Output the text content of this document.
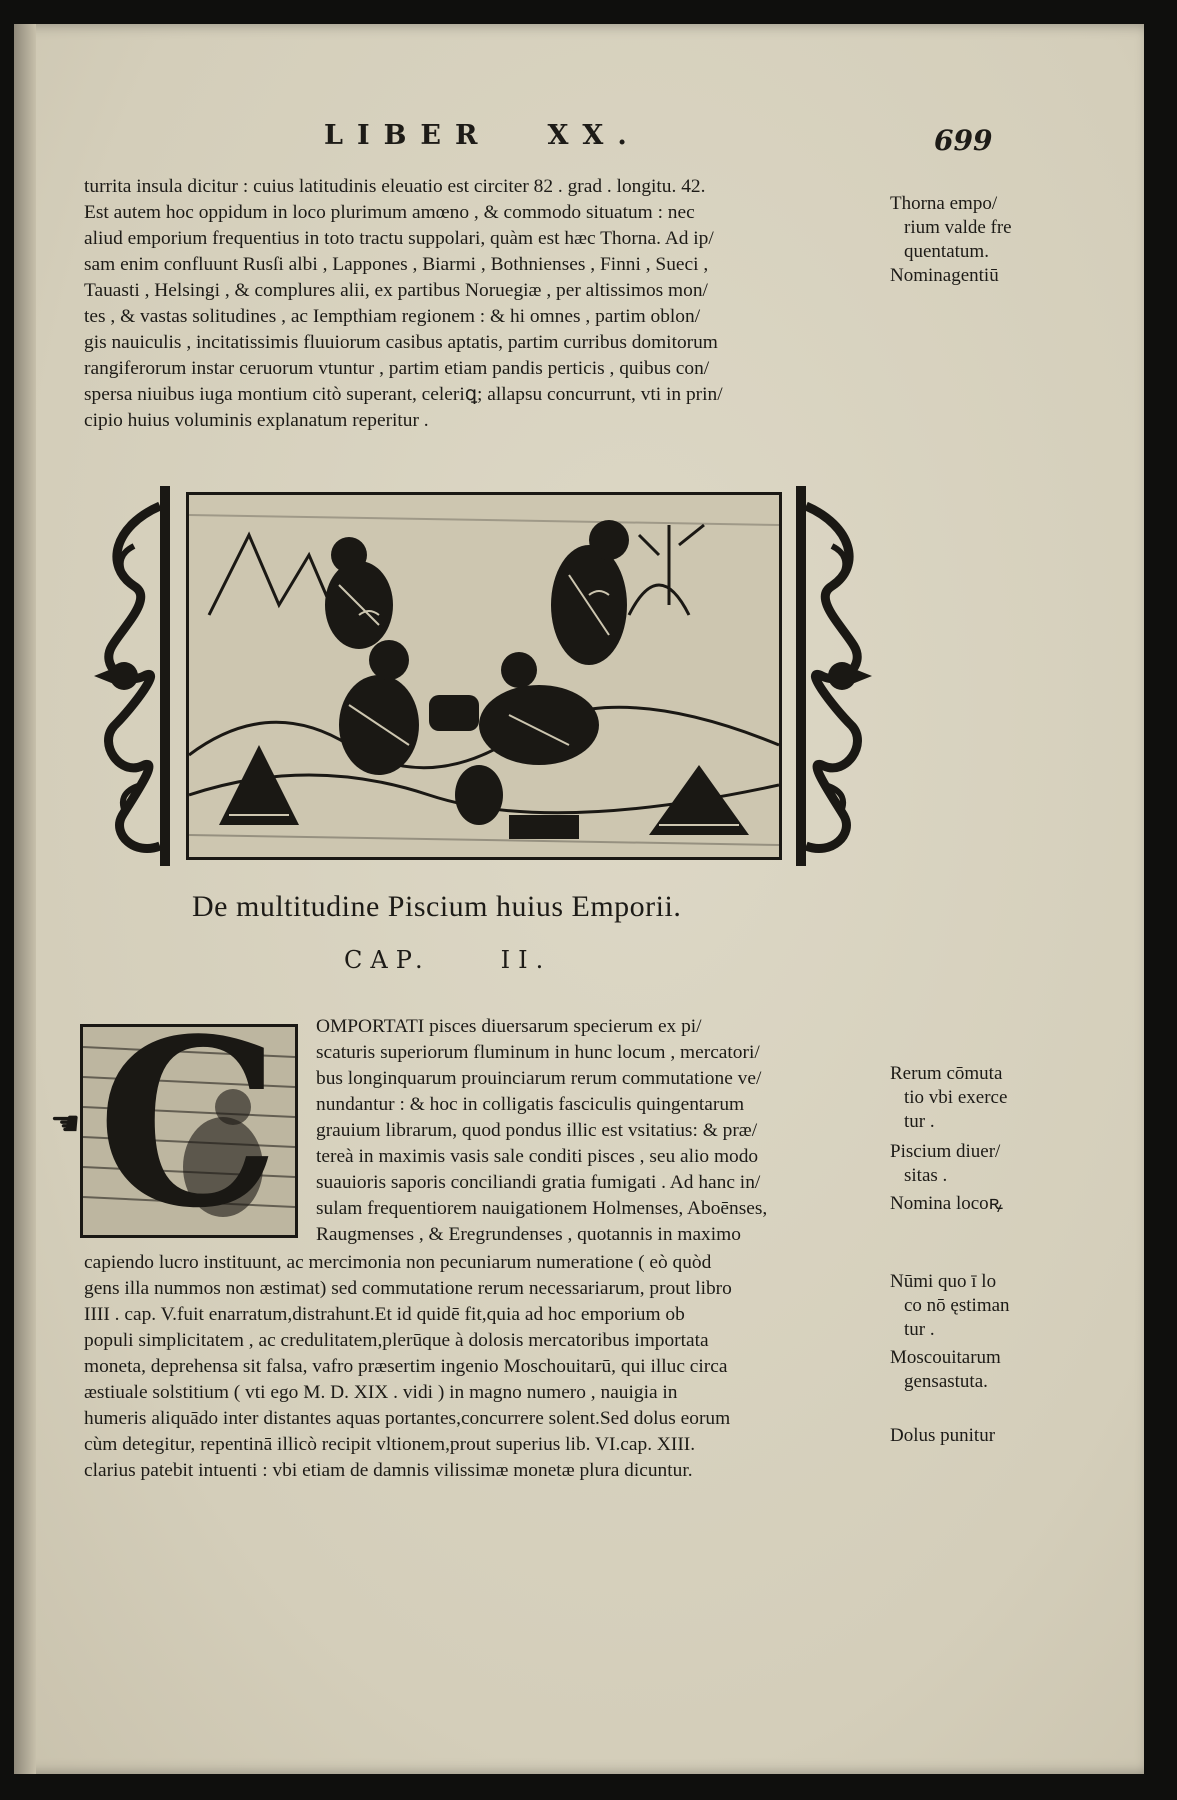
LIBER XX.	699
turrita insula dicitur : cuius latitudinis eleuatio est circiter 82 . grad . longitu. 42.
Est autem hoc oppidum in loco plurimum amœno , & commodo situatum : nec
aliud emporium frequentius in toto tractu suppolari, quàm est hæc Thorna. Ad ip/
sam enim confluunt Rusſi albi , Lappones , Biarmi , Bothnienses , Finni , Sueci ,
Tauasti , Helsingi , & complures alii, ex partibus Noruegiæ , per altissimos mon/
tes , & vastas solitudines , ac Iempthiam regionem : & hi omnes , partim oblon/
gis nauiculis , incitatissimis fluuiorum casibus aptatis, partim curribus domitorum
rangiferorum instar ceruorum vtuntur , partim etiam pandis perticis , quibus con/
spersa niuibus iuga montium citò superant, celeriꝗ; allapsu concurrunt, vti in prin/
cipio huius voluminis explanatum reperitur .
Thorna empo/
rium valde fre
quentatum.
Nominagentiū
De multitudine Piscium huius Emporii.
CAP.	II.
☚ C OMPORTATI pisces diuersarum specierum ex pi/
scaturis superiorum fluminum in hunc locum , mercatori/
bus longinquarum prouinciarum rerum commutatione ve/
nundantur : & hoc in colligatis fasciculis quingentarum
grauium librarum, quod pondus illic est vsitatius: & præ/
tereà in maximis vasis sale conditi pisces , seu alio modo
suauioris saporis conciliandi gratia fumigati . Ad hanc in/
sulam frequentiorem nauigationem Holmenses, Aboēnses,
Raugmenses , & Eregrundenses , quotannis in maximo
capiendo lucro instituunt, ac mercimonia non pecuniarum numeratione ( eò quòd
gens illa nummos non æstimat) sed commutatione rerum necessariarum, prout libro
IIII . cap. V.fuit enarratum,distrahunt.Et id quidē fit,quia ad hoc emporium ob
populi simplicitatem , ac credulitatem,plerūque à dolosis mercatoribus importata
moneta, deprehensa sit falsa, vafro præsertim ingenio Moschouitarū, qui illuc circa
æstiuale solstitium ( vti ego M. D. XIX . vidi ) in magno numero , nauigia in
humeris aliquādo inter distantes aquas portantes,concurrere solent.Sed dolus eorum
cùm detegitur, repentinā illicò recipit vltionem,prout superius lib. VI.cap. XIII.
clarius patebit intuenti : vbi etiam de damnis vilissimæ monetæ plura dicuntur.
Rerum cōmuta
tio vbi exerce
tur .
Piscium diuer/
sitas .
Nomina locoꝶ
Nūmi quo ī lo
co nō ęstiman
tur .
Moscouitarum
gensastuta.
Dolus punitur
